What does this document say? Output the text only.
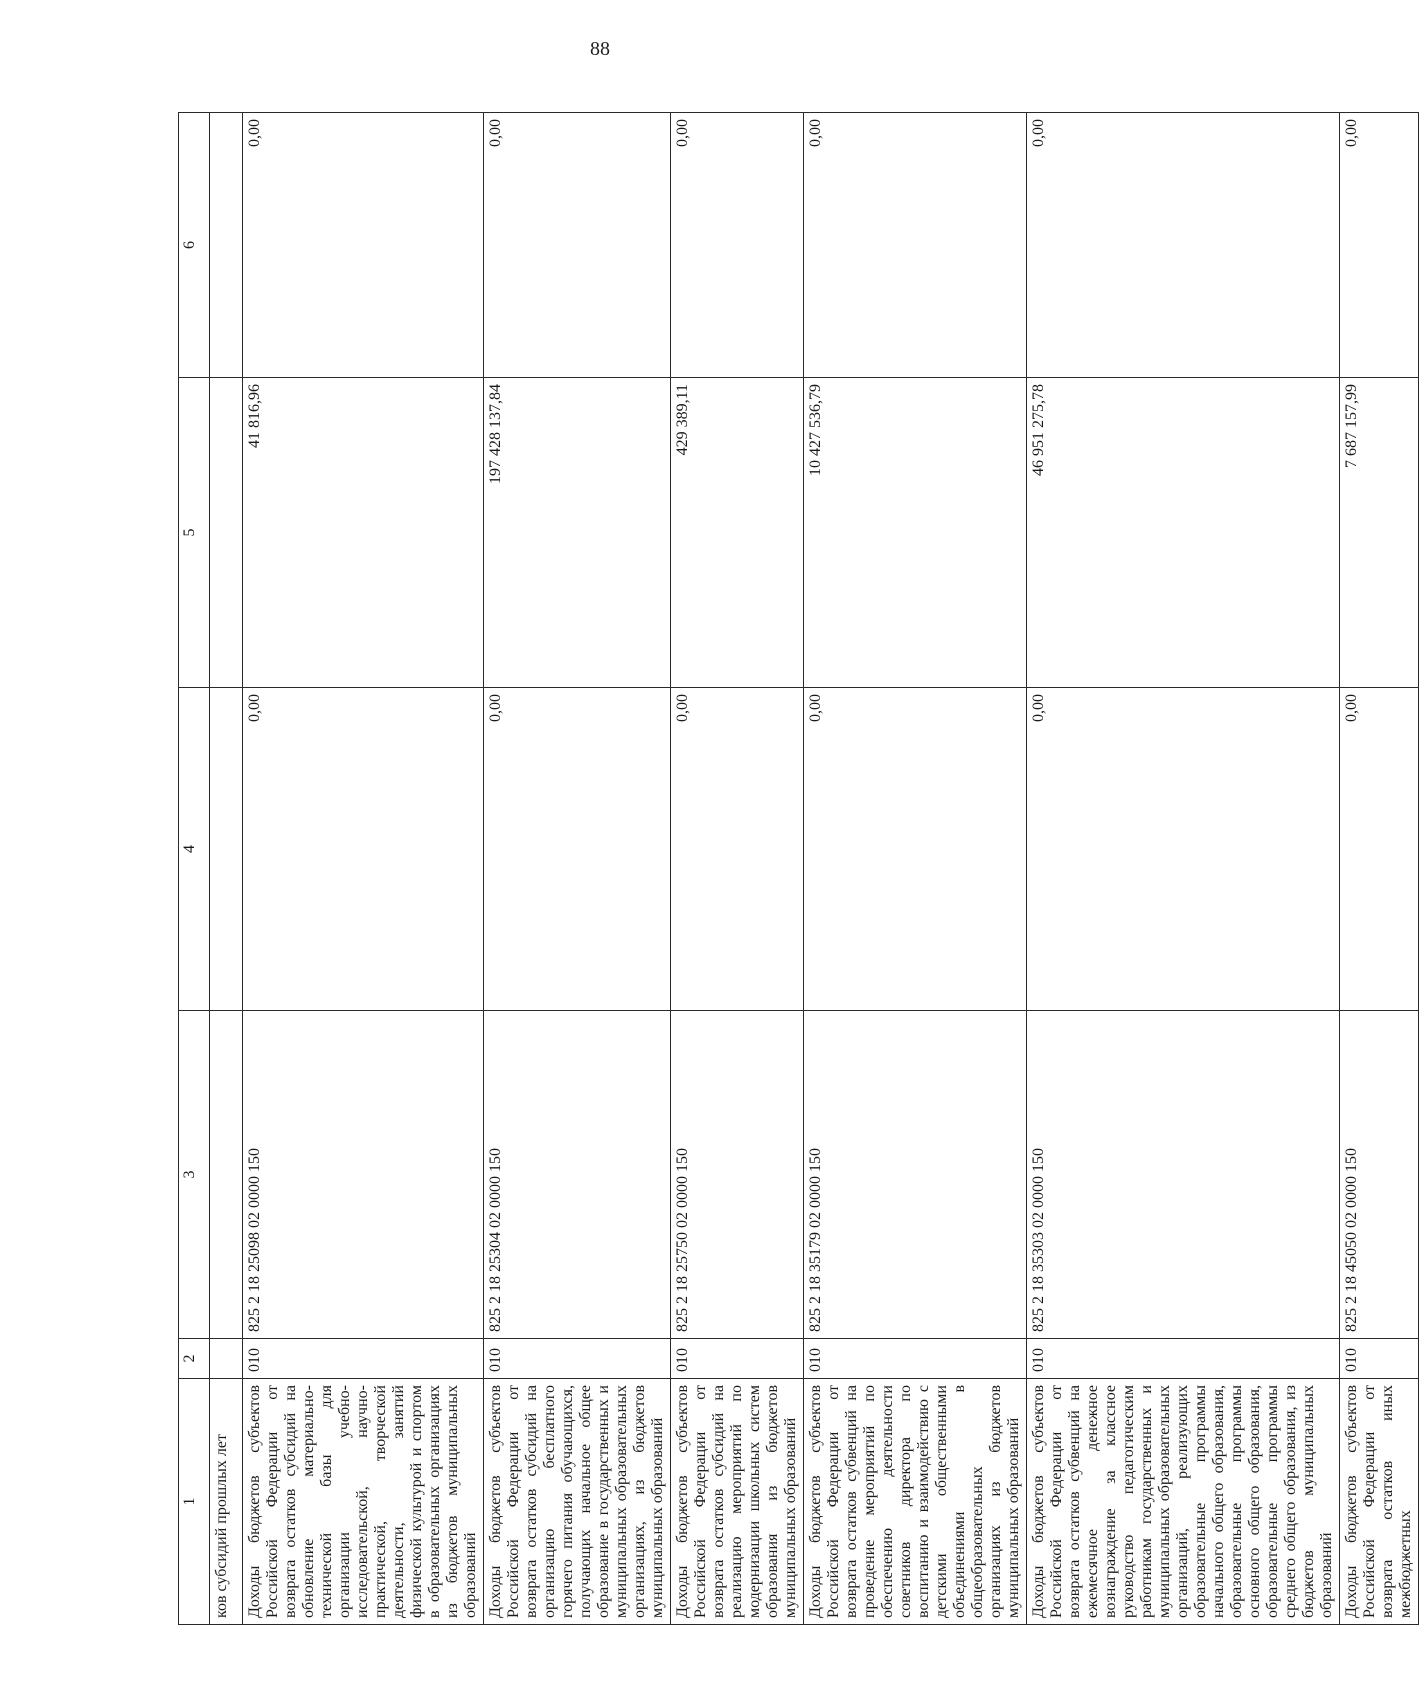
88
1	2	3	4	5	6
ков субсидий прошлых лет					
Доходы бюджетов субъектов Российской Федерации от возврата остатков субсидий на обновление материально-технической базы для организации учебно-исследовательской, научно-практической, творческой деятельности, занятий физической культурой и спортом в образовательных организациях из бюджетов муниципальных образований	010	825 2 18 25098 02 0000 150	0,00	41 816,96	0,00
Доходы бюджетов субъектов Российской Федерации от возврата остатков субсидий на организацию бесплатного горячего питания обучающихся, получающих начальное общее образование в государственных и муниципальных образовательных организациях, из бюджетов муниципальных образований	010	825 2 18 25304 02 0000 150	0,00	197 428 137,84	0,00
Доходы бюджетов субъектов Российской Федерации от возврата остатков субсидий на реализацию мероприятий по модернизации школьных систем образования из бюджетов муниципальных образований	010	825 2 18 25750 02 0000 150	0,00	429 389,11	0,00
Доходы бюджетов субъектов Российской Федерации от возврата остатков субвенций на проведение мероприятий по обеспечению деятельности советников директора по воспитанию и взаимодействию с детскими общественными объединениями в общеобразовательных организациях из бюджетов муниципальных образований	010	825 2 18 35179 02 0000 150	0,00	10 427 536,79	0,00
Доходы бюджетов субъектов Российской Федерации от возврата остатков субвенций на ежемесячное денежное вознаграждение за классное руководство педагогическим работникам государственных и муниципальных образовательных организаций, реализующих образовательные программы начального общего образования, образовательные программы основного общего образования, образовательные программы среднего общего образования, из бюджетов муниципальных образований	010	825 2 18 35303 02 0000 150	0,00	46 951 275,78	0,00
Доходы бюджетов субъектов Российской Федерации от возврата остатков иных межбюджетных	010	825 2 18 45050 02 0000 150	0,00	7 687 157,99	0,00
